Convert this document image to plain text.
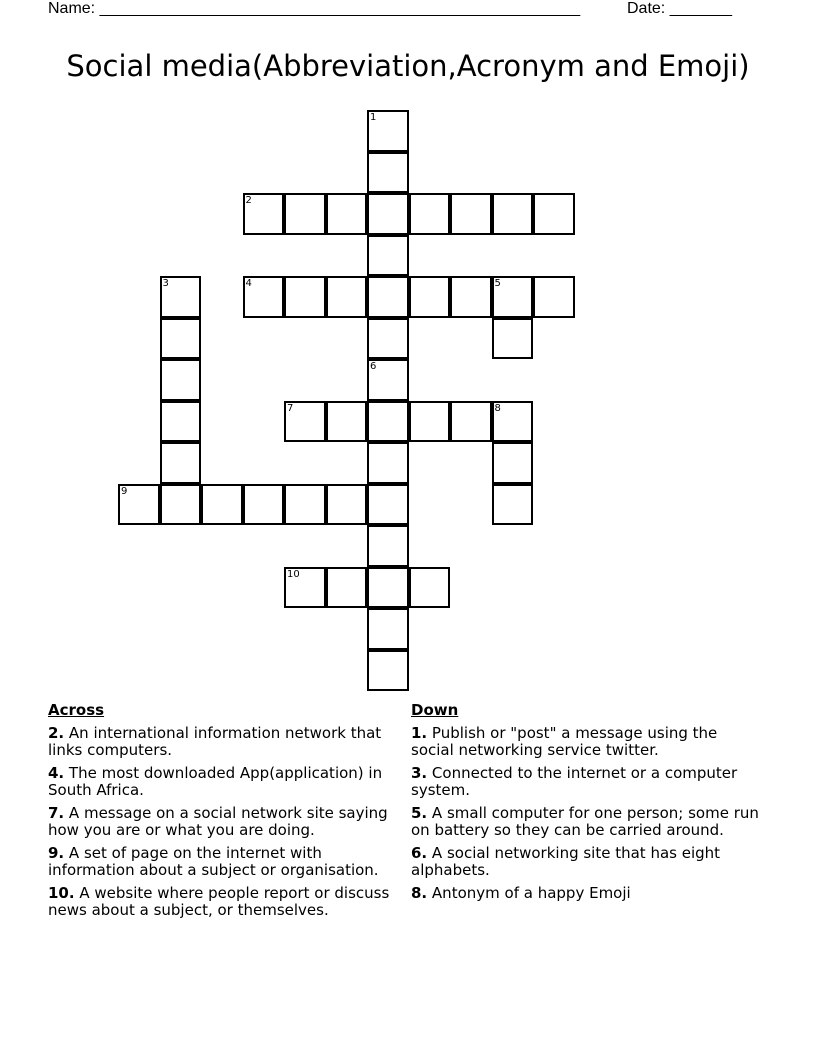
Name: ______________________________________________________	Date: _______
Social media(Abbreviation,Acronym and Emoji)
1
6
2
3	4	5
7	8
9
10
Across
2. An international information network that links computers.
4. The most downloaded App(application) in South Africa.
7. A message on a social network site saying how you are or what you are doing.
9. A set of page on the internet with information about a subject or organisation.
10. A website where people report or discuss news about a subject, or themselves.
Down
1. Publish or "post" a message using the social networking service twitter.
3. Connected to the internet or a computer system.
5. A small computer for one person; some run on battery so they can be carried around.
6. A social networking site that has eight alphabets.
8. Antonym of a happy Emoji
